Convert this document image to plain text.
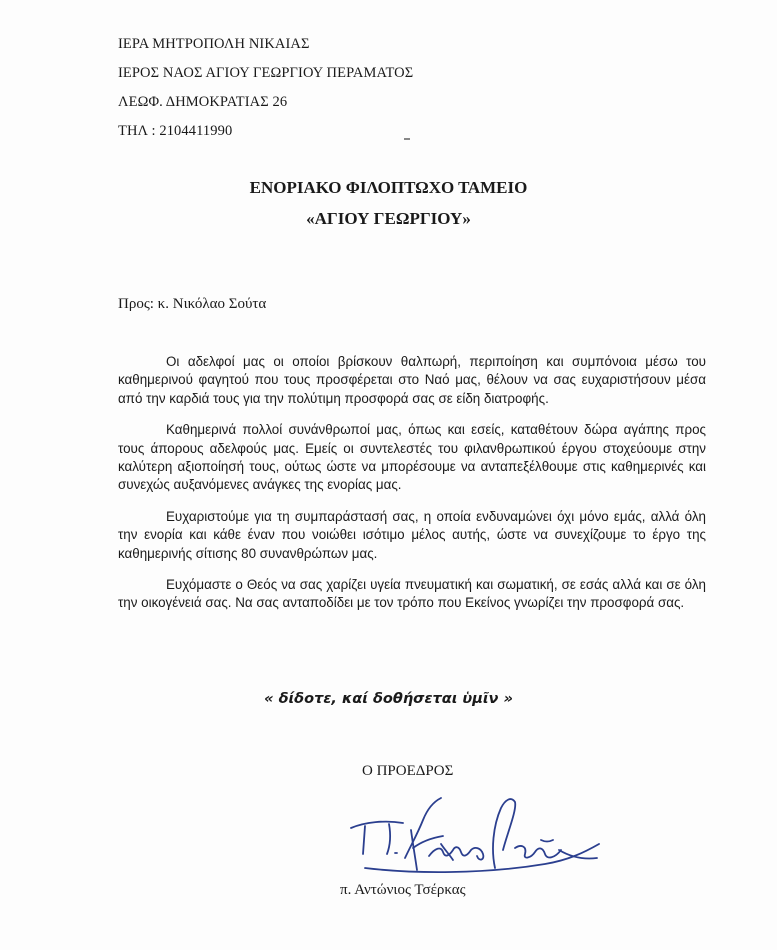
ΙΕΡΑ ΜΗΤΡΟΠΟΛΗ ΝΙΚΑΙΑΣ
ΙΕΡΟΣ ΝΑΟΣ ΑΓΙΟΥ ΓΕΩΡΓΙΟΥ ΠΕΡΑΜΑΤΟΣ
ΛΕΩΦ. ΔΗΜΟΚΡΑΤΙΑΣ 26
ΤΗΛ : 2104411990
ΕΝΟΡΙΑΚΟ ΦΙΛΟΠΤΩΧΟ ΤΑΜΕΙΟ
«ΑΓΙΟΥ ΓΕΩΡΓΙΟΥ»
Προς: κ. Νικόλαο Σούτα

Οι αδελφοί μας οι οποίοι βρίσκουν θαλπωρή, περιποίηση και συμπόνοια μέσω του καθημερινού φαγητού που τους προσφέρεται στο Ναό μας, θέλουν να σας ευχαριστήσουν μέσα από την καρδιά τους για την πολύτιμη προσφορά σας σε είδη διατροφής.

Καθημερινά πολλοί συνάνθρωποί μας, όπως και εσείς, καταθέτουν δώρα αγάπης προς τους άπορους αδελφούς μας. Εμείς οι συντελεστές του φιλανθρωπικού έργου στοχεύουμε στην καλύτερη αξιοποίησή τους, ούτως ώστε να μπορέσουμε να ανταπεξέλθουμε στις καθημερινές και συνεχώς αυξανόμενες ανάγκες της ενορίας μας.

Ευχαριστούμε για τη συμπαράστασή σας, η οποία ενδυναμώνει όχι μόνο εμάς, αλλά όλη την ενορία και κάθε έναν που νοιώθει ισότιμο μέλος αυτής, ώστε να συνεχίζουμε το έργο της καθημερινής σίτισης 80 συνανθρώπων μας.

Ευχόμαστε ο Θεός να σας χαρίζει υγεία πνευματική και σωματική, σε εσάς αλλά και σε όλη την οικογένειά σας. Να σας ανταποδίδει με τον τρόπο που Εκείνος γνωρίζει την προσφορά σας.

« δίδοτε, καί δοθήσεται ὑμῖν »
Ο ΠΡΟΕΔΡΟΣ
π. Αντώνιος Τσέρκας
